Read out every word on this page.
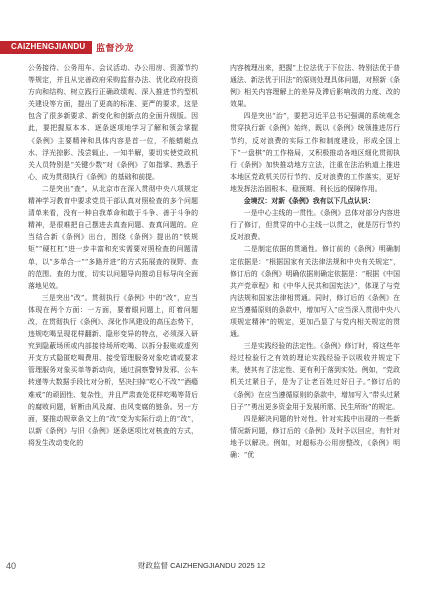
CAIZHENGJIANDU 监督沙龙

公务接待、公务用车、会议活动、办公用房、资源节约等规定，并且从完善政府采购监督办法、优化政府投资方向和结构、树立践行正确政绩观、深入推进节约型机关建设等方面，提出了更高的标准、更严的要求，这是包含了很多新要求、新变化和创新点的全面升级版。因此，要把握原本本、逐条逐项地学习了解和领会掌握《条例》主要精神和具体内容是首一位，不能蜻蜓点水、浮光掠影、浅尝辄止、一知半解，要切实使党政机关人员特别是“关键少数”对《条例》了如指掌、熟悉于心，成为贯彻执行《条例》的基础和前提。

二是突出“查”。从北京市在深入贯彻中央八项规定精神学习教育中要求党员干部认真对照检查的多个问题清单来看，没有一种自我革命和敢于斗争、善于斗争的精神，是很难把自己摆进去真查问题、查真问题的。应当结合新《条例》出台，围绕《条例》提出的“铁规矩”“硬杠杠”进一步丰富和充实需要对照检查的问题清单，以“多单合一”“多路并进”的方式拓展查的视野、查的范围、查的力度，切实以问题导向推动目标导向全面落地见效。

三是突出“改”。贯彻执行《条例》中的“改”，应当体现在两个方面：一方面，要着眼问题上，盯着问题改，在贯彻执行《条例》、深化作风建设的高压态势下，违规吃喝呈现花样翻新、隐形变异的特点，必须深入研究到隐蔽场所或内部接待场所吃喝、以拆分报账或虚列开支方式隐匿吃喝费用、接受管理服务对象吃请或要求管理服务对象买单等新动向，通过洞察警钟发邪、公车转递等大数据手段比对分析，坚决扫掉“吃心不改”“酒瘾难戒”的顽固性、复杂性，并且严肃查处花样吃喝等背后的腐败问题，斩断由风及腐、由风变腐的链条。另一方面，要推动规章条文上的“改”变为实际行动上的“改”，以新《条例》与旧《条例》逐条逐项比对核查的方式，将发生改动变化的

内容梳理出来，把握“上位法优于下位法、特别法优于普通法、新法优于旧法”的原则处理具体问题，对照新《条例》相关内容理解上的差异及滞后影响改的力度、改的效果。

四是突出“治”，要把习近平总书记强调的系统观念贯穿执行新《条例》始终，既以《条例》统领推进厉行节约，反对浪费的实际工作和制度建设，形成全国上下“一盘棋”的工作格局，又积极推动各地区细化贯彻执行《条例》加快推动地方立法，注重在法治轨道上推进本地区党政机关厉行节约、反对浪费的工作落实，更好地发挥法治固根本、稳预期、利长远的保障作用。

金境汉：对新《条例》我有以下几点认识：

一是中心主线的一贯性。《条例》总体对部分内容进行了修订，但贯穿的中心主线一以贯之，就是厉行节约反对浪费。

二是制定依据的贯通性。修订前的《条例》明确制定依据是：“根据国家有关法律法规和中央有关规定”，修订后的《条例》明确依据则确定依据是：“根据《中国共产党章程》和《中华人民共和国宪法》”，体现了与党内法规和国家法律相贯通。同时，修订后的《条例》在应当遵循原则的条款中，增加写入“应当深入贯彻中央八项规定精神”的规定，更加凸显了与党内相关规定的贯通。

三是实践经验的法定性。《条例》修订时，将这些年经过检验行之有效的理论实践经验予以吸收并规定下来，使其有了法定性、更有利于落到实处。例如，“党政机关过紧日子，是为了让老百姓过好日子。”修订后的《条例》在应当遵循原则的条款中，增加写入“带头过紧日子”“勇出更多资金用于发展所需、民生所盼”的规定。

四是解决问题的针对性。针对实践中出现的一些新情况新问题，修订后的《条例》及时予以回应，有针对地予以解决。例如，对超标办公用房整改，《条例》明确：“优

40	财政监督 CAIZHENGJIANDU 2025 12
